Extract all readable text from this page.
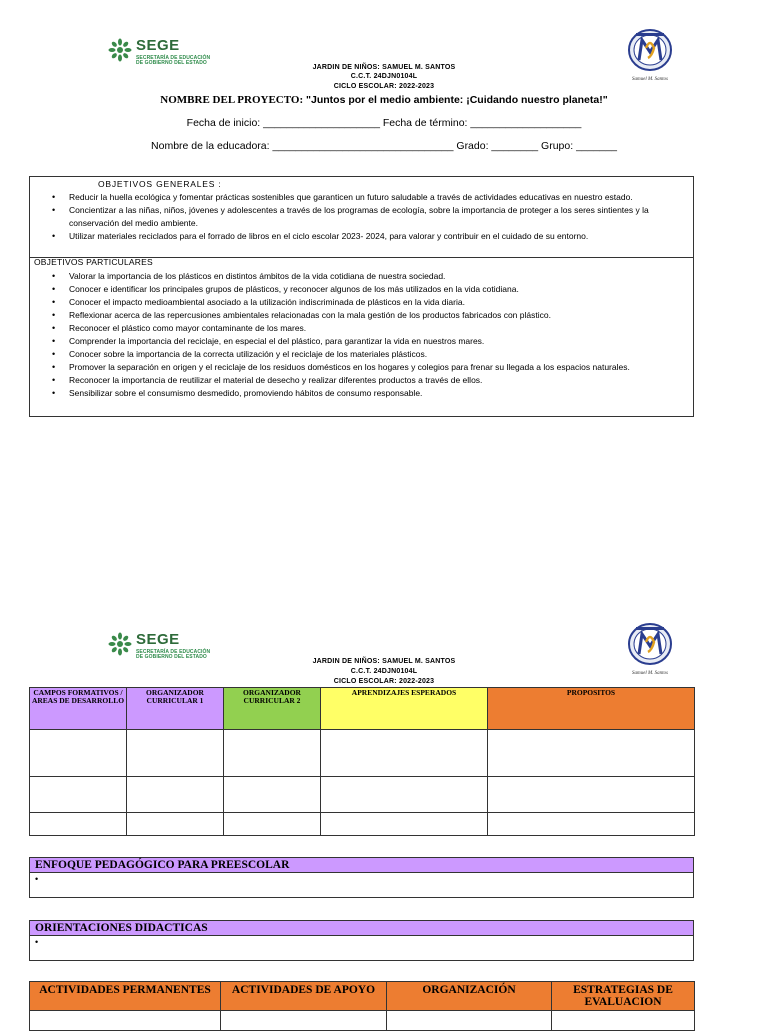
SEGE
SECRETARÍA DE EDUCACIÓN
DE GOBIERNO DEL ESTADO
Samuel M. Santos
JARDIN DE NIÑOS: SAMUEL M. SANTOS
C.C.T. 24DJN0104L
CICLO ESCOLAR: 2022-2023
NOMBRE DEL PROYECTO: "Juntos por el medio ambiente: ¡Cuidando nuestro planeta!"
Fecha de inicio: ____________________ Fecha de término: ___________________
Nombre de la educadora: _______________________________ Grado: ________ Grupo: _______
OBJETIVOS GENERALES :
• Reducir la huella ecológica y fomentar prácticas sostenibles que garanticen un futuro saludable a través de actividades educativas en nuestro estado.
• Concientizar a las niñas, niños, jóvenes y adolescentes a través de los programas de ecología, sobre la importancia de proteger a los seres sintientes y la conservación del medio ambiente.
• Utilizar materiales reciclados para el forrado de libros en el ciclo escolar 2023- 2024, para valorar y contribuir en el cuidado de su entorno.
OBJETIVOS PARTICULARES
• Valorar la importancia de los plásticos en distintos ámbitos de la vida cotidiana de nuestra sociedad.
• Conocer e identificar los principales grupos de plásticos, y reconocer algunos de los más utilizados en la vida cotidiana.
• Conocer el impacto medioambiental asociado a la utilización indiscriminada de plásticos en la vida diaria.
• Reflexionar acerca de las repercusiones ambientales relacionadas con la mala gestión de los productos fabricados con plástico.
• Reconocer el plástico como mayor contaminante de los mares.
• Comprender la importancia del reciclaje, en especial el del plástico, para garantizar la vida en nuestros mares.
• Conocer sobre la importancia de la correcta utilización y el reciclaje de los materiales plásticos.
• Promover la separación en origen y el reciclaje de los residuos domésticos en los hogares y colegios para frenar su llegada a los espacios naturales.
• Reconocer la importancia de reutilizar el material de desecho y realizar diferentes productos a través de ellos.
• Sensibilizar sobre el consumismo desmedido, promoviendo hábitos de consumo responsable.
SEGE
SECRETARÍA DE EDUCACIÓN
DE GOBIERNO DEL ESTADO
Samuel M. Santos
JARDIN DE NIÑOS: SAMUEL M. SANTOS
C.C.T. 24DJN0104L
CICLO ESCOLAR: 2022-2023
CAMPOS FORMATIVOS / AREAS DE DESARROLLO	ORGANIZADOR CURRICULAR 1	ORGANIZADOR CURRICULAR 2	APRENDIZAJES ESPERADOS	PROPOSITOS

ENFOQUE PEDAGÓGICO PARA PREESCOLAR
•
ORIENTACIONES DIDACTICAS
•
ACTIVIDADES PERMANENTES	ACTIVIDADES DE APOYO	ORGANIZACIÓN	ESTRATEGIAS DE EVALUACION
